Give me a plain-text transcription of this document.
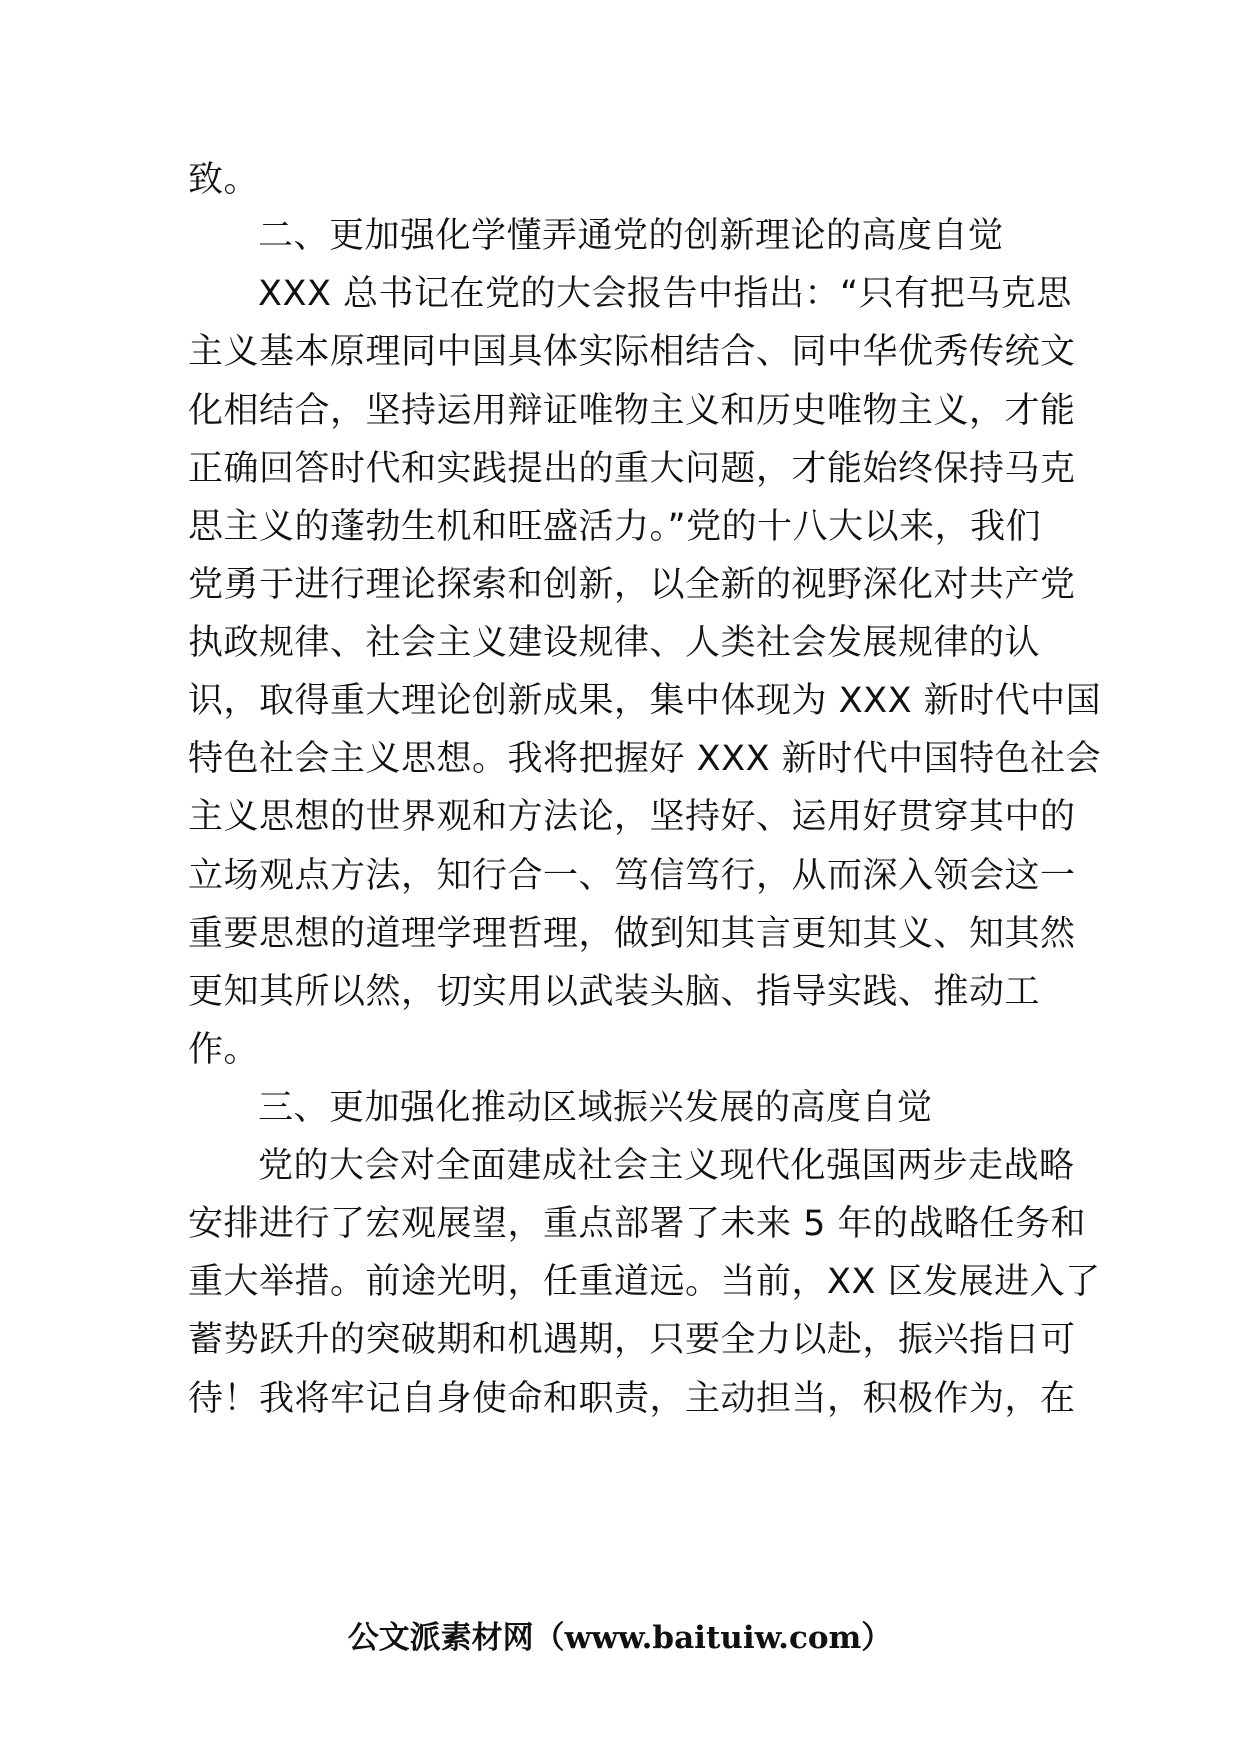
致。
二、更加强化学懂弄通党的创新理论的高度自觉
XXX 总书记在党的大会报告中指出：“只有把马克思
主义基本原理同中国具体实际相结合、同中华优秀传统文
化相结合，坚持运用辩证唯物主义和历史唯物主义，才能
正确回答时代和实践提出的重大问题，才能始终保持马克
思主义的蓬勃生机和旺盛活力。”党的十八大以来，我们
党勇于进行理论探索和创新，以全新的视野深化对共产党
执政规律、社会主义建设规律、人类社会发展规律的认
识，取得重大理论创新成果，集中体现为 XXX 新时代中国
特色社会主义思想。我将把握好 XXX 新时代中国特色社会
主义思想的世界观和方法论，坚持好、运用好贯穿其中的
立场观点方法，知行合一、笃信笃行，从而深入领会这一
重要思想的道理学理哲理，做到知其言更知其义、知其然
更知其所以然，切实用以武装头脑、指导实践、推动工
作。
三、更加强化推动区域振兴发展的高度自觉
党的大会对全面建成社会主义现代化强国两步走战略
安排进行了宏观展望，重点部署了未来 5 年的战略任务和
重大举措。前途光明，任重道远。当前，XX 区发展进入了
蓄势跃升的突破期和机遇期，只要全力以赴，振兴指日可
待！我将牢记自身使命和职责，主动担当，积极作为，在
公文派素材网（www.baituiw.com）
